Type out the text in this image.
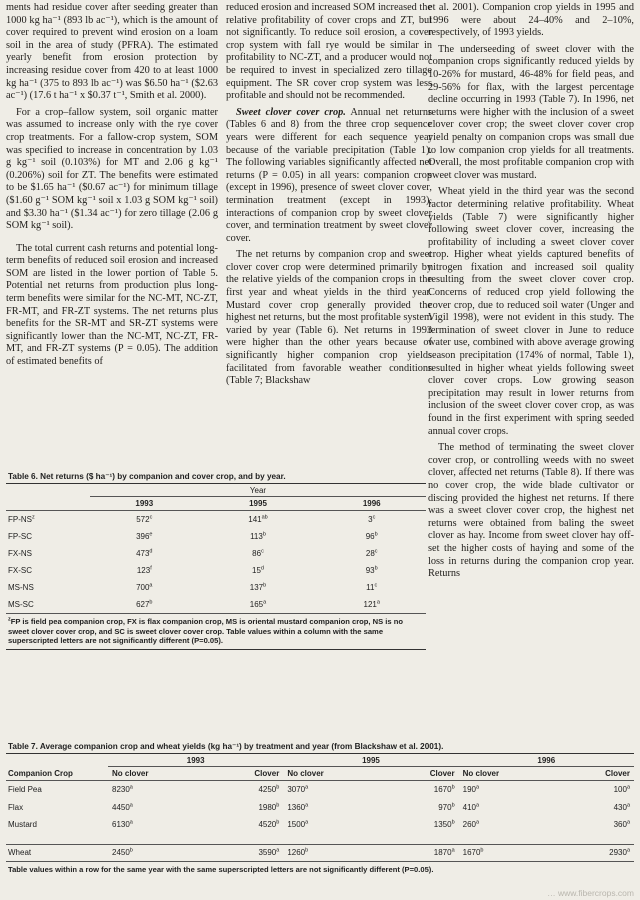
ments had residue cover after seeding greater than 1000 kg ha⁻¹ (893 lb ac⁻¹), which is the amount of cover required to prevent wind erosion on a loam soil in the area of study (PFRA). The estimated yearly benefit from erosion protection by increasing residue cover from 420 to at least 1000 kg ha⁻¹ (375 to 893 lb ac⁻¹) was $6.50 ha⁻¹ ($2.63 ac⁻¹) (17.6 t ha⁻¹ x $0.37 t⁻¹, Smith et al. 2000).

For a crop–fallow system, soil organic matter was assumed to increase only with the rye cover crop treatments. For a fallow-crop system, SOM was specified to increase in concentration by 1.03 g kg⁻¹ soil (0.103%) for MT and 2.06 g kg⁻¹ (0.206%) soil for ZT. The benefits were estimated to be $1.65 ha⁻¹ ($0.67 ac⁻¹) for minimum tillage ($1.60 g⁻¹ SOM kg⁻¹ soil x 1.03 g SOM kg⁻¹ soil) and $3.30 ha⁻¹ ($1.34 ac⁻¹) for zero tillage (2.06 g SOM kg⁻¹ soil).

The total current cash returns and potential long-term benefits of reduced soil erosion and increased SOM are listed in the lower portion of Table 5. Potential net returns from production plus long-term benefits were similar for the NC-MT, NC-ZT, FR-MT, and FR-ZT systems. The net returns plus benefits for the SR-MT and SR-ZT systems were significantly lower than the NC-MT, NC-ZT, FR-MT, and FR-ZT systems (P = 0.05). The addition of estimated benefits of

reduced erosion and increased SOM increased the relative profitability of cover crops and ZT, but not significantly. To reduce soil erosion, a cover crop system with fall rye would be similar in profitability to NC-ZT, and a producer would not be required to invest in specialized zero tillage equipment. The SR cover crop system was less profitable and should not be recommended.

Sweet clover cover crop. Annual net returns (Tables 6 and 8) from the three crop sequence years were different for each sequence year because of the variable precipitation (Table 1). The following variables significantly affected net returns (P = 0.05) in all years: companion crop (except in 1996), presence of sweet clover cover, termination treatment (except in 1993), interactions of companion crop by sweet clover cover, and termination treatment by sweet clover cover.

The net returns by companion crop and sweet clover cover crop were determined primarily by the relative yields of the companion crops in the first year and wheat yields in the third year. Mustard cover crop generally provided the highest net returns, but the most profitable system varied by year (Table 6). Net returns in 1993 were higher than the other years because of significantly higher companion crop yields facilitated from favorable weather conditions (Table 7; Blackshaw

et al. 2001). Companion crop yields in 1995 and 1996 were about 24–40% and 2–10%, respectively, of 1993 yields.

The underseeding of sweet clover with the companion crops significantly reduced yields by 10-26% for mustard, 46-48% for field peas, and 29-56% for flax, with the largest percentage decline occurring in 1993 (Table 7). In 1996, net returns were higher with the inclusion of a sweet clover cover crop; the sweet clover cover crop yield penalty on companion crops was small due to low companion crop yields for all treatments. Overall, the most profitable companion crop with sweet clover was mustard.

Wheat yield in the third year was the second factor determining relative profitability. Wheat yields (Table 7) were significantly higher following sweet clover cover, increasing the profitability of including a sweet clover cover crop. Higher wheat yields captured benefits of nitrogen fixation and increased soil quality resulting from the sweet clover cover crop. Concerns of reduced crop yield following the cover crop, due to reduced soil water (Unger and Vigil 1998), were not evident in this study. The termination of sweet clover in June to reduce water use, combined with above average growing season precipitation (174% of normal, Table 1), resulted in higher wheat yields following sweet clover cover crops. Low growing season precipitation may result in lower returns from inclusion of the sweet clover cover crop, as was found in the first experiment with spring seeded annual cover crops.

The method of terminating the sweet clover cover crop, or controlling weeds with no sweet clover, affected net returns (Table 8). If there was no cover crop, the wide blade cultivator or discing provided the highest net returns. If there was a sweet clover cover crop, the highest net returns were obtained from baling the sweet clover as hay. Income from sweet clover hay off-set the higher costs of haying and some of the loss in returns during the companion crop year. Returns

Table 6. Net returns ($ ha⁻¹) by companion and cover crop, and by year.
	Year		
	1993	1995	1996
$FP-NS^z$	572$^c$	$141^{ab}$	3$^c$
FP-SC	396e	113$^b$	96$^b$
FX-NS	473$^d$	86$^c$	28$^c$
FX-SC	123$^f$	15$^d$	93$^b$
MS-NS	700$^a$	137$^b$	11$^c$
MS-SC	627$^b$	165$^a$	121$^a$
$^z$FP is field pea companion crop, FX is flax companion crop, MS is oriental mustard companion crop, NS is no sweet clover cover crop, and SC is sweet clover cover crop. Table values within a column with the same superscripted letters are not significantly different (P=0.05).
Table 7. Average companion crop and wheat yields (kg ha⁻¹) by treatment and year (from Blackshaw et al. 2001).
	1993		1995		1996	
Companion Crop	No clover	Clover	No clover	Clover	No clover	Clover
Field Pea	8230$^a$	4250$^b$	3070$^a$	1670$^b$	190$^a$	100$^a$
Flax	4450$^a$	1980$^b$	1360$^a$	970$^b$	410$^a$	430$^a$
Mustard	6130$^a$	4520$^b$	1500$^a$	1350$^b$	260$^a$	360$^a$

Wheat	2450$^b$	3590$^a$	1260$^b$	1870$^a$	1670$^b$	2930$^a$
Table values within a row for the same year with the same superscripted letters are not significantly different (P=0.05).
… www.fibercrops.com
